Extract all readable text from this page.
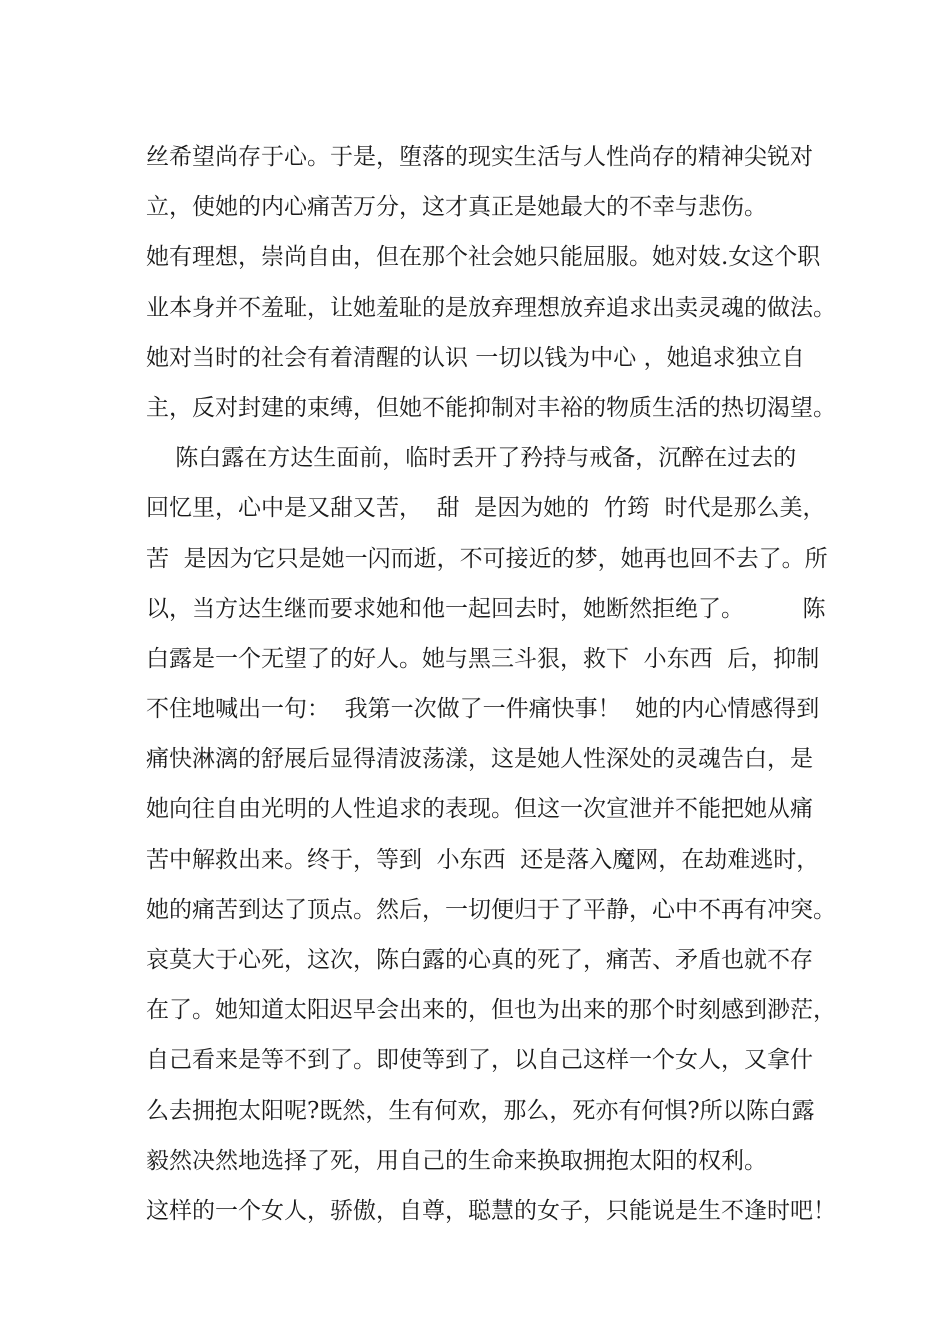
丝希望尚存于心。于是，堕落的现实生活与人性尚存的精神尖锐对
立，使她的内心痛苦万分，这才真正是她最大的不幸与悲伤。
她有理想，崇尚自由，但在那个社会她只能屈服。她对妓.女这个职
业本身并不羞耻，让她羞耻的是放弃理想放弃追求出卖灵魂的做法。
她对当时的社会有着清醒的认识 一切以钱为中心 ，她追求独立自
主，反对封建的束缚，但她不能抑制对丰裕的物质生活的热切渴望。
陈白露在方达生面前，临时丢开了矜持与戒备，沉醉在过去的
回忆里，心中是又甜又苦，  甜  是因为她的  竹筠  时代是那么美，
苦  是因为它只是她一闪而逝，不可接近的梦，她再也回不去了。所
以，当方达生继而要求她和他一起回去时，她断然拒绝了。        陈
白露是一个无望了的好人。她与黑三斗狠，救下  小东西  后，抑制
不住地喊出一句：  我第一次做了一件痛快事！  她的内心情感得到
痛快淋漓的舒展后显得清波荡漾，这是她人性深处的灵魂告白，是
她向往自由光明的人性追求的表现。但这一次宣泄并不能把她从痛
苦中解救出来。终于，等到  小东西  还是落入魔网，在劫难逃时，
她的痛苦到达了顶点。然后，一切便归于了平静，心中不再有冲突。
哀莫大于心死，这次，陈白露的心真的死了，痛苦、矛盾也就不存
在了。她知道太阳迟早会出来的，但也为出来的那个时刻感到渺茫，
自己看来是等不到了。即使等到了，以自己这样一个女人，又拿什
么去拥抱太阳呢?既然，生有何欢，那么，死亦有何惧?所以陈白露
毅然决然地选择了死，用自己的生命来换取拥抱太阳的权利。
这样的一个女人，骄傲，自尊，聪慧的女子，只能说是生不逢时吧！
